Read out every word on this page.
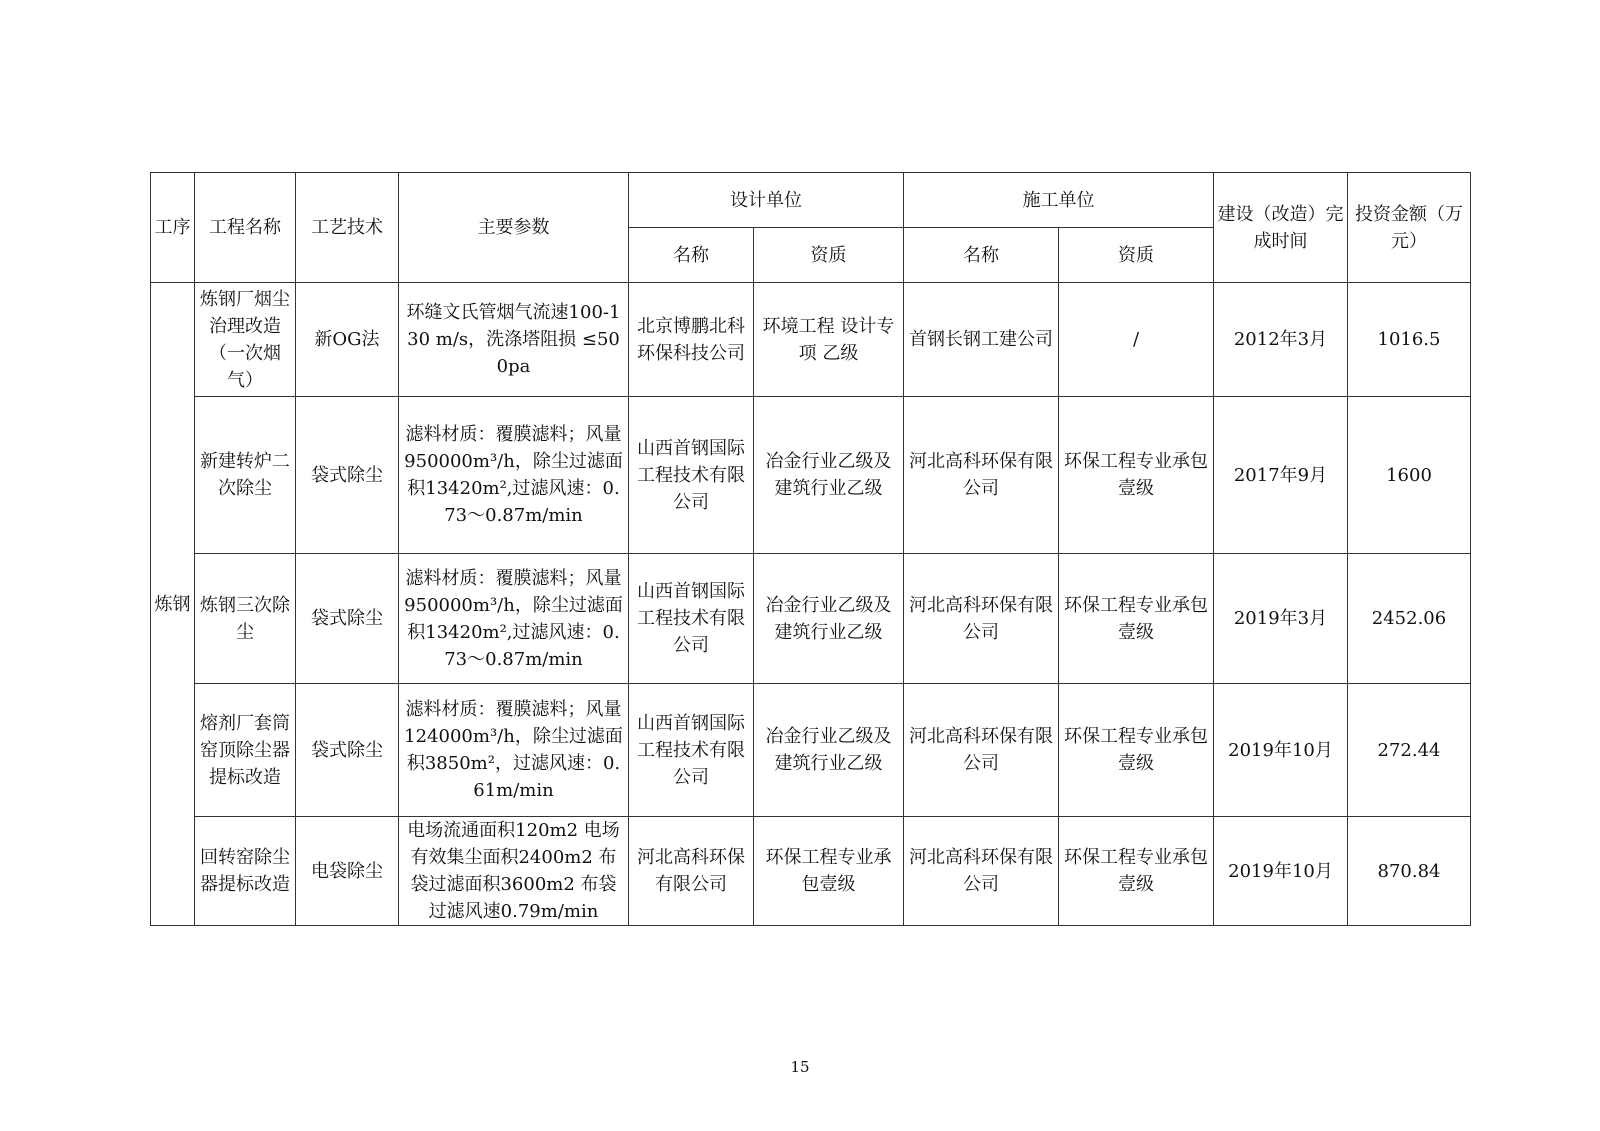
工序	工程名称	工艺技术	主要参数	设计单位		施工单位		建设（改造）完成时间	投资金额（万元）
				名称	资质	名称	资质		
炼钢	炼钢厂烟尘治理改造（一次烟气）	新OG法	环缝文氏管烟气流速100-130 m/s，洗涤塔阻损 ≤500pa	北京博鹏北科环保科技公司	环境工程 设计专项 乙级	首钢长钢工建公司	/	2012年3月	1016.5
	新建转炉二次除尘	袋式除尘	滤料材质：覆膜滤料；风量950000m³/h，除尘过滤面积13420m²,过滤风速：0.73～0.87m/min	山西首钢国际工程技术有限公司	冶金行业乙级及建筑行业乙级	河北高科环保有限公司	环保工程专业承包壹级	2017年9月	1600
	炼钢三次除尘	袋式除尘	滤料材质：覆膜滤料；风量950000m³/h，除尘过滤面积13420m²,过滤风速：0.73～0.87m/min	山西首钢国际工程技术有限公司	冶金行业乙级及建筑行业乙级	河北高科环保有限公司	环保工程专业承包壹级	2019年3月	2452.06
	熔剂厂套筒窑顶除尘器提标改造	袋式除尘	滤料材质：覆膜滤料；风量124000m³/h，除尘过滤面积3850m²，过滤风速：0.61m/min	山西首钢国际工程技术有限公司	冶金行业乙级及建筑行业乙级	河北高科环保有限公司	环保工程专业承包壹级	2019年10月	272.44
	回转窑除尘器提标改造	电袋除尘	电场流通面积120m2 电场有效集尘面积2400m2 布袋过滤面积3600m2 布袋过滤风速0.79m/min	河北高科环保有限公司	环保工程专业承包壹级	河北高科环保有限公司	环保工程专业承包壹级	2019年10月	870.84
15
